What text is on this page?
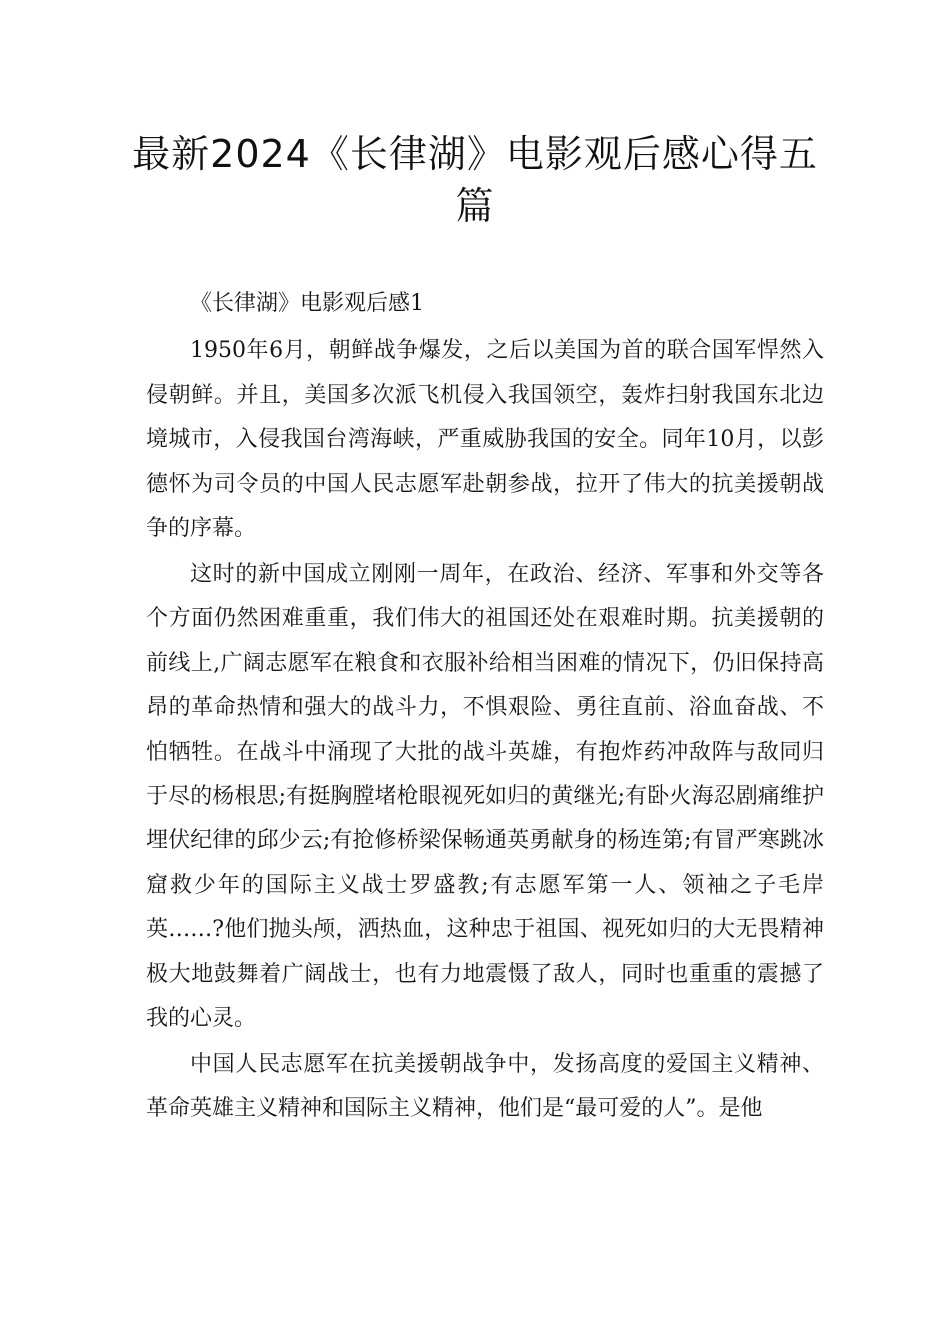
最新2024《长律湖》电影观后感心得五篇

《长律湖》电影观后感1

1950年6月，朝鲜战争爆发，之后以美国为首的联合国军悍然入侵朝鲜。并且，美国多次派飞机侵入我国领空，轰炸扫射我国东北边境城市，入侵我国台湾海峡，严重威胁我国的安全。同年10月，以彭德怀为司令员的中国人民志愿军赴朝参战，拉开了伟大的抗美援朝战争的序幕。

这时的新中国成立刚刚一周年，在政治、经济、军事和外交等各个方面仍然困难重重，我们伟大的祖国还处在艰难时期。抗美援朝的前线上,广阔志愿军在粮食和衣服补给相当困难的情况下，仍旧保持高昂的革命热情和强大的战斗力，不惧艰险、勇往直前、浴血奋战、不怕牺牲。在战斗中涌现了大批的战斗英雄，有抱炸药冲敌阵与敌同归于尽的杨根思;有挺胸膛堵枪眼视死如归的黄继光;有卧火海忍剧痛维护埋伏纪律的邱少云;有抢修桥梁保畅通英勇献身的杨连第;有冒严寒跳冰窟救少年的国际主义战士罗盛教;有志愿军第一人、领袖之子毛岸英……?他们抛头颅，洒热血，这种忠于祖国、视死如归的大无畏精神极大地鼓舞着广阔战士，也有力地震慑了敌人，同时也重重的震撼了我的心灵。

中国人民志愿军在抗美援朝战争中，发扬高度的爱国主义精神、革命英雄主义精神和国际主义精神，他们是“最可爱的人”。是他
